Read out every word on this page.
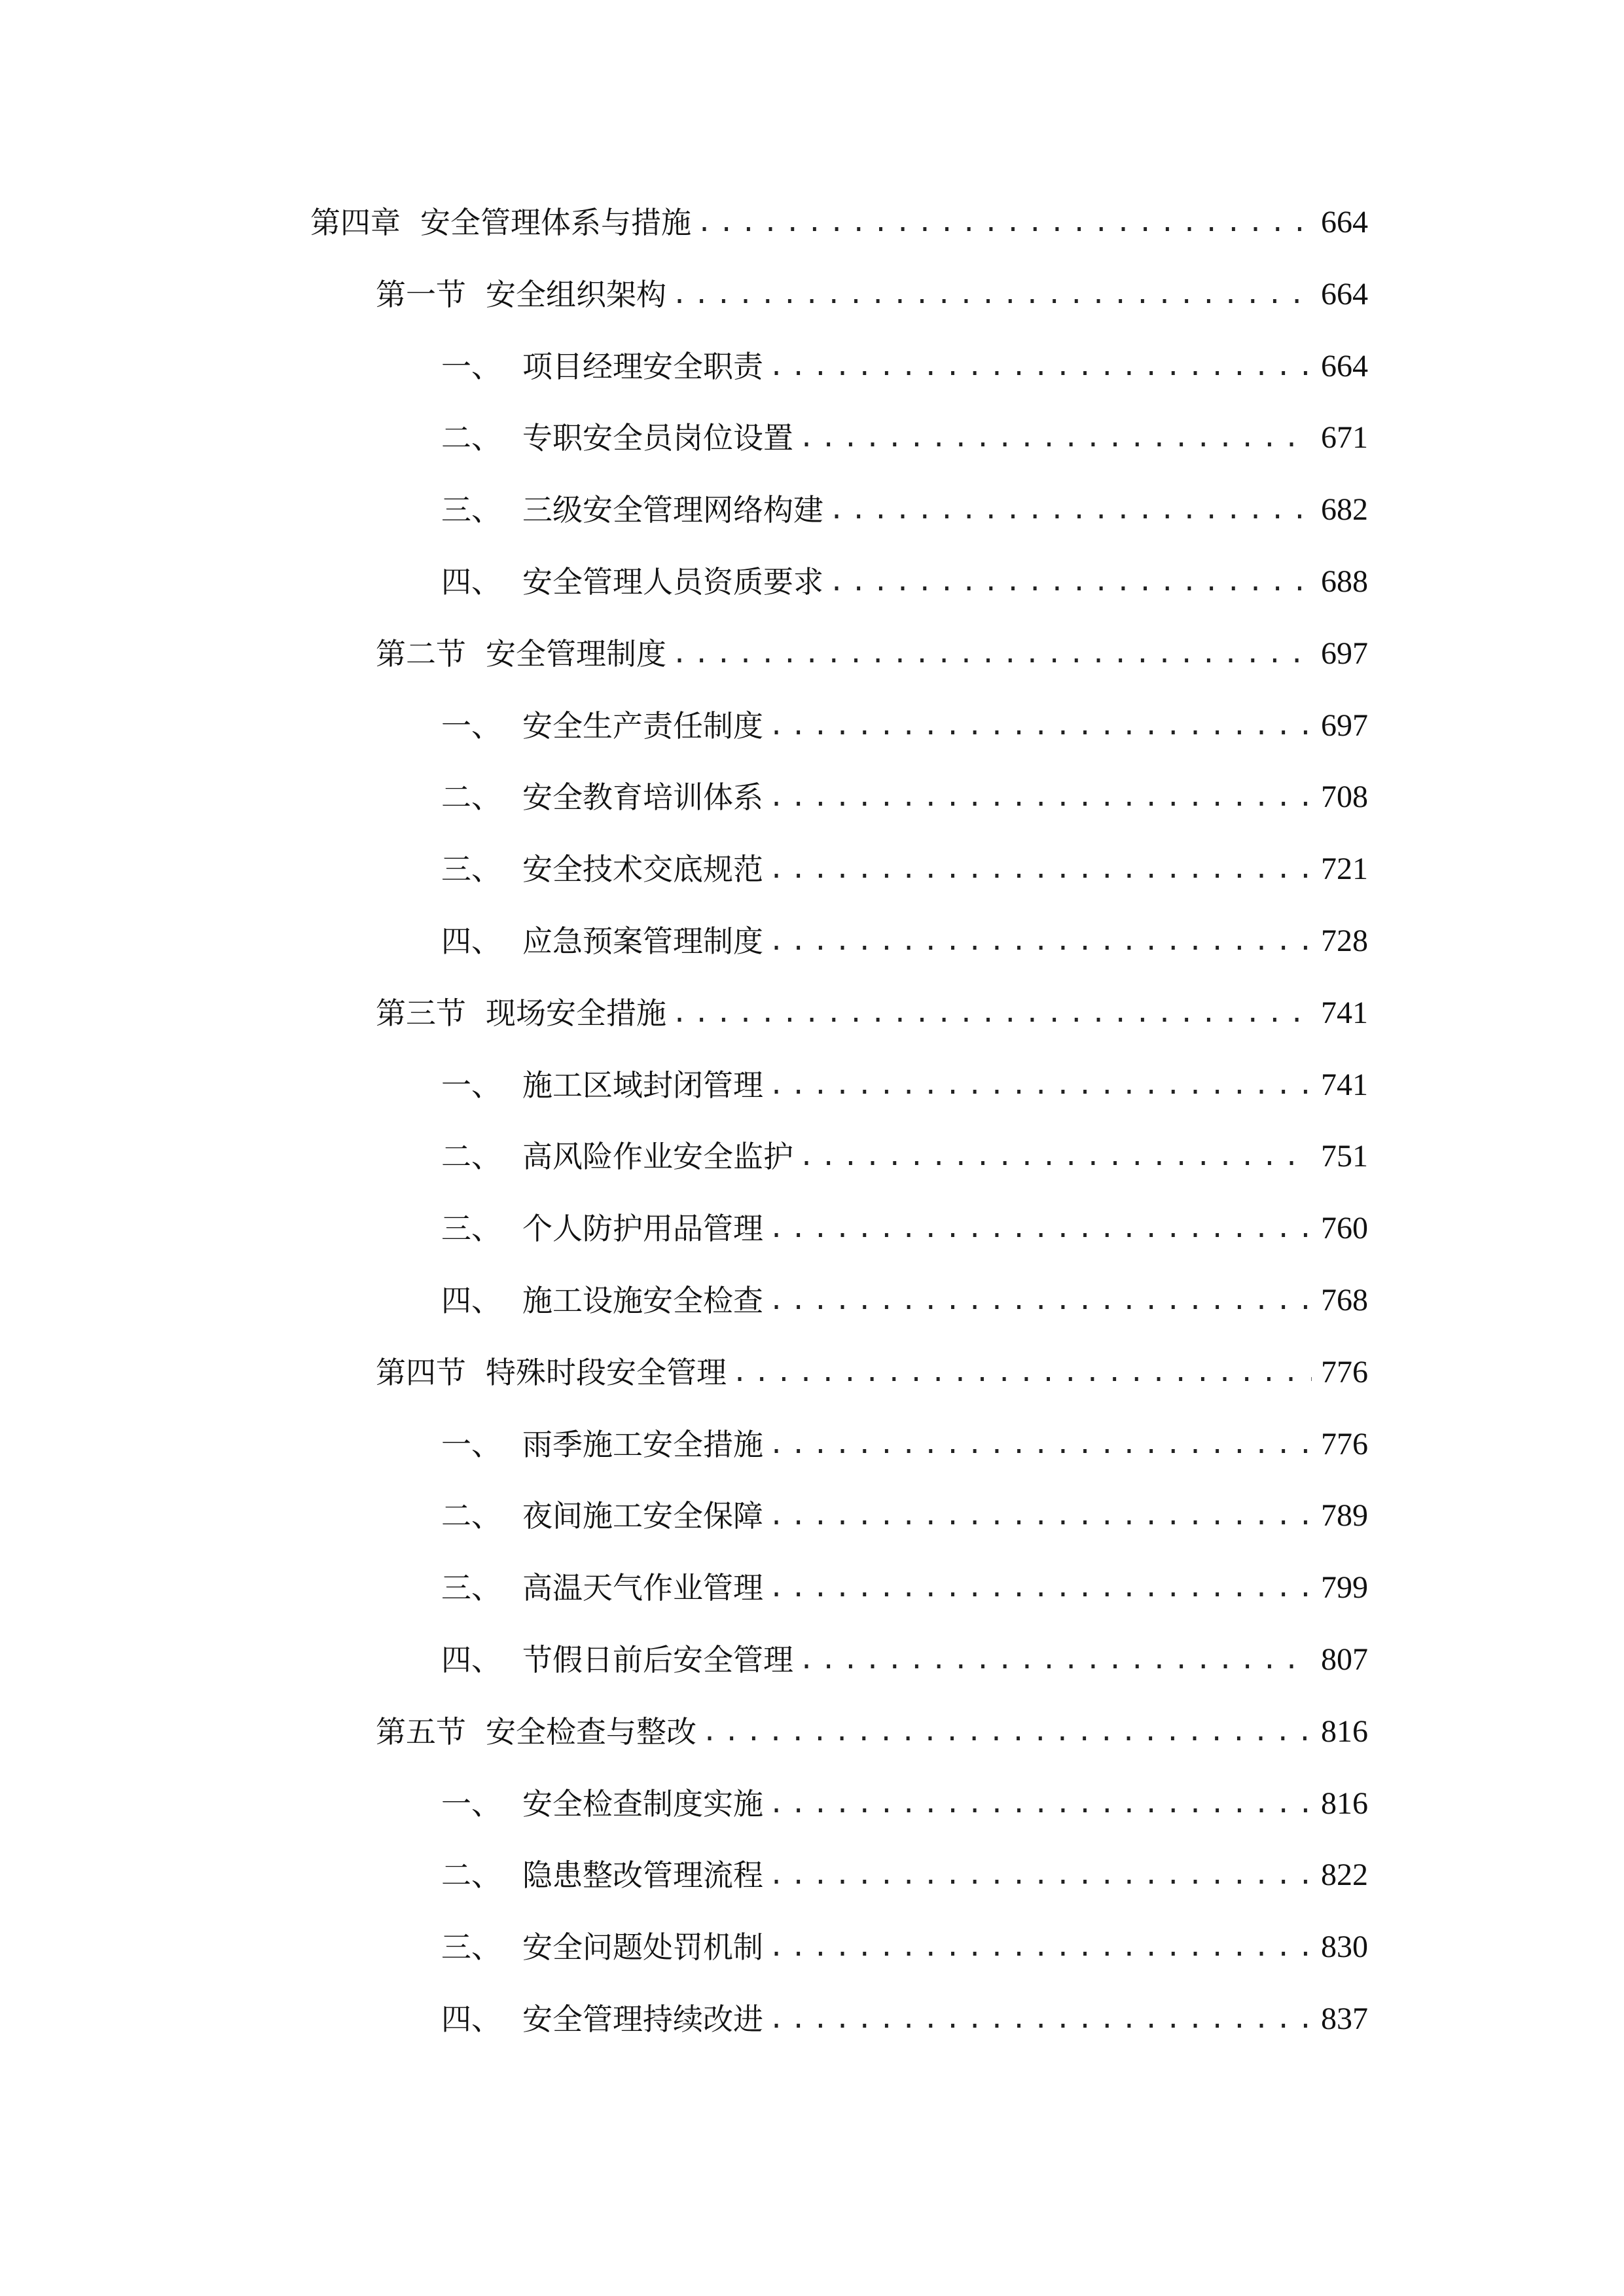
第四章 安全管理体系与措施 .....	664
第一节 安全组织架构 .....	664
一、 项目经理安全职责 .....	664
二、 专职安全员岗位设置 .....	671
三、 三级安全管理网络构建 .....	682
四、 安全管理人员资质要求 .....	688
第二节 安全管理制度 .....	697
一、 安全生产责任制度 .....	697
二、 安全教育培训体系 .....	708
三、 安全技术交底规范 .....	721
四、 应急预案管理制度 .....	728
第三节 现场安全措施 .....	741
一、 施工区域封闭管理 .....	741
二、 高风险作业安全监护 .....	751
三、 个人防护用品管理 .....	760
四、 施工设施安全检查 .....	768
第四节 特殊时段安全管理 .....	776
一、 雨季施工安全措施 .....	776
二、 夜间施工安全保障 .....	789
三、 高温天气作业管理 .....	799
四、 节假日前后安全管理 .....	807
第五节 安全检查与整改 .....	816
一、 安全检查制度实施 .....	816
二、 隐患整改管理流程 .....	822
三、 安全问题处罚机制 .....	830
四、 安全管理持续改进 .....	837
